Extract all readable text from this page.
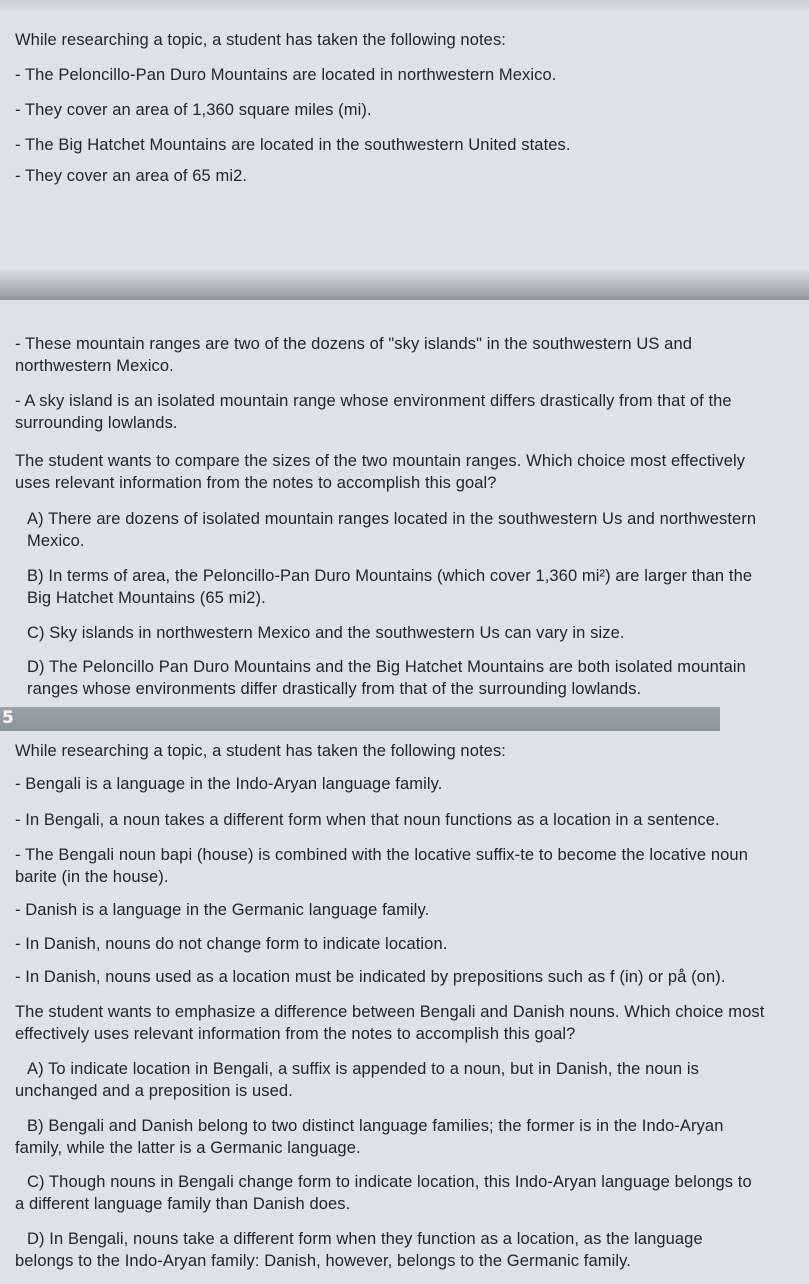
While researching a topic, a student has taken the following notes:
- The Peloncillo-Pan Duro Mountains are located in northwestern Mexico.
- They cover an area of 1,360 square miles (mi).
- The Big Hatchet Mountains are located in the southwestern United states.
- They cover an area of 65 mi2.
- These mountain ranges are two of the dozens of "sky islands" in the southwestern US and
northwestern Mexico.
- A sky island is an isolated mountain range whose environment differs drastically from that of the
surrounding lowlands.
The student wants to compare the sizes of the two mountain ranges. Which choice most effectively
uses relevant information from the notes to accomplish this goal?
A) There are dozens of isolated mountain ranges located in the southwestern Us and northwestern
Mexico.
B) In terms of area, the Peloncillo-Pan Duro Mountains (which cover 1,360 mi²) are larger than the
Big Hatchet Mountains (65 mi2).
C) Sky islands in northwestern Mexico and the southwestern Us can vary in size.
D) The Peloncillo Pan Duro Mountains and the Big Hatchet Mountains are both isolated mountain
ranges whose environments differ drastically from that of the surrounding lowlands.
5
While researching a topic, a student has taken the following notes:
- Bengali is a language in the Indo-Aryan language family.
- In Bengali, a noun takes a different form when that noun functions as a location in a sentence.
- The Bengali noun bapi (house) is combined with the locative suffix-te to become the locative noun
barite (in the house).
- Danish is a language in the Germanic language family.
- In Danish, nouns do not change form to indicate location.
- In Danish, nouns used as a location must be indicated by prepositions such as f (in) or på (on).
The student wants to emphasize a difference between Bengali and Danish nouns. Which choice most
effectively uses relevant information from the notes to accomplish this goal?
A) To indicate location in Bengali, a suffix is appended to a noun, but in Danish, the noun is
unchanged and a preposition is used.
B) Bengali and Danish belong to two distinct language families; the former is in the Indo-Aryan
family, while the latter is a Germanic language.
C) Though nouns in Bengali change form to indicate location, this Indo-Aryan language belongs to
a different language family than Danish does.
D) In Bengali, nouns take a different form when they function as a location, as the language
belongs to the Indo-Aryan family: Danish, however, belongs to the Germanic family.
